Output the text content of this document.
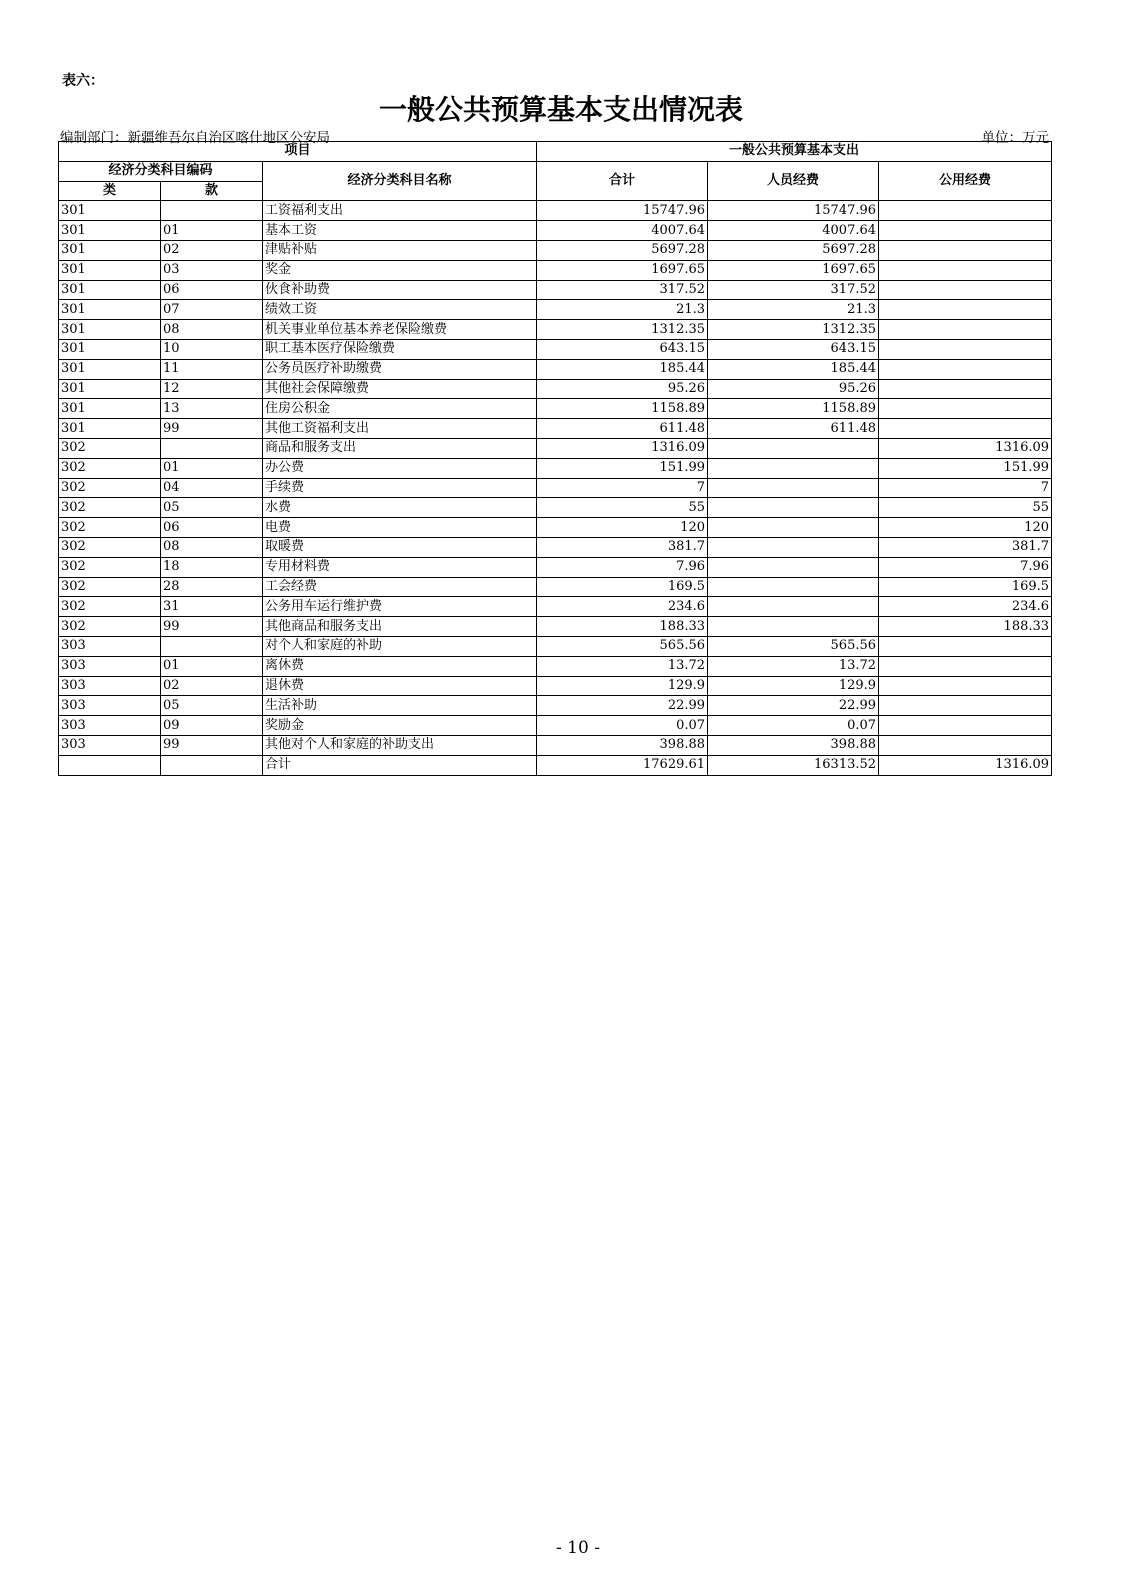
表六：
一般公共预算基本支出情况表
编制部门：新疆维吾尔自治区喀什地区公安局	单位：万元
项目			一般公共预算基本支出		
经济分类科目编码		经济分类科目名称	合计	人员经费	公用经费
类	款				
301		工资福利支出	15747.96	15747.96	
301	01	基本工资	4007.64	4007.64	
301	02	津贴补贴	5697.28	5697.28	
301	03	奖金	1697.65	1697.65	
301	06	伙食补助费	317.52	317.52	
301	07	绩效工资	21.3	21.3	
301	08	机关事业单位基本养老保险缴费	1312.35	1312.35	
301	10	职工基本医疗保险缴费	643.15	643.15	
301	11	公务员医疗补助缴费	185.44	185.44	
301	12	其他社会保障缴费	95.26	95.26	
301	13	住房公积金	1158.89	1158.89	
301	99	其他工资福利支出	611.48	611.48	
302		商品和服务支出	1316.09		1316.09
302	01	办公费	151.99		151.99
302	04	手续费	7		7
302	05	水费	55		55
302	06	电费	120		120
302	08	取暖费	381.7		381.7
302	18	专用材料费	7.96		7.96
302	28	工会经费	169.5		169.5
302	31	公务用车运行维护费	234.6		234.6
302	99	其他商品和服务支出	188.33		188.33
303		对个人和家庭的补助	565.56	565.56	
303	01	离休费	13.72	13.72	
303	02	退休费	129.9	129.9	
303	05	生活补助	22.99	22.99	
303	09	奖励金	0.07	0.07	
303	99	其他对个人和家庭的补助支出	398.88	398.88	
		合计	17629.61	16313.52	1316.09
- 10 -
